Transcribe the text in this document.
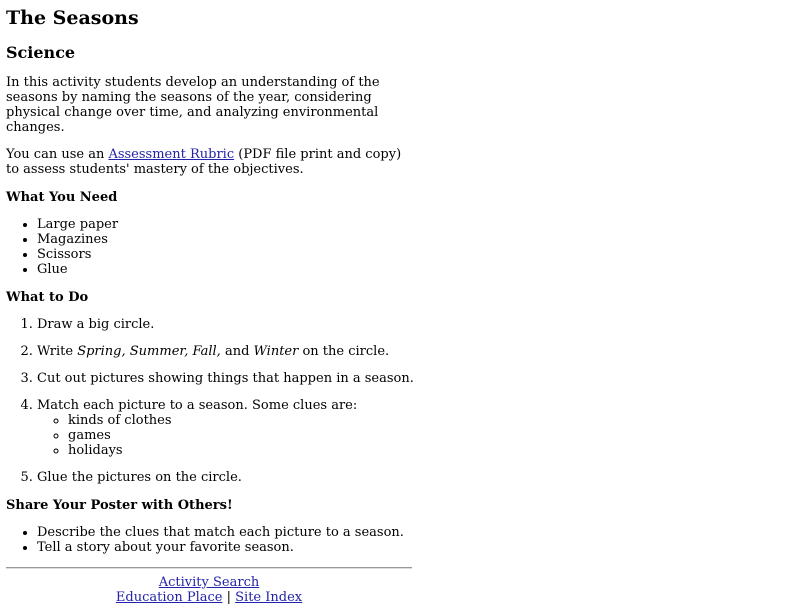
The Seasons
Science

In this activity students develop an understanding of the seasons by naming the seasons of the year, considering physical change over time, and analyzing environmental changes.

You can use an Assessment Rubric (PDF file print and copy) to assess students' mastery of the objectives.

What You Need
• Large paper
• Magazines
• Scissors
• Glue
What to Do
1. Draw a big circle.
2. Write Spring, Summer, Fall, and Winter on the circle.
3. Cut out pictures showing things that happen in a season.
4. Match each picture to a season. Some clues are:
◦ kinds of clothes
◦ games
◦ holidays
5. Glue the pictures on the circle.
Share Your Poster with Others!
• Describe the clues that match each picture to a season.
• Tell a story about your favorite season.
Activity Search
Education Place | Site Index
